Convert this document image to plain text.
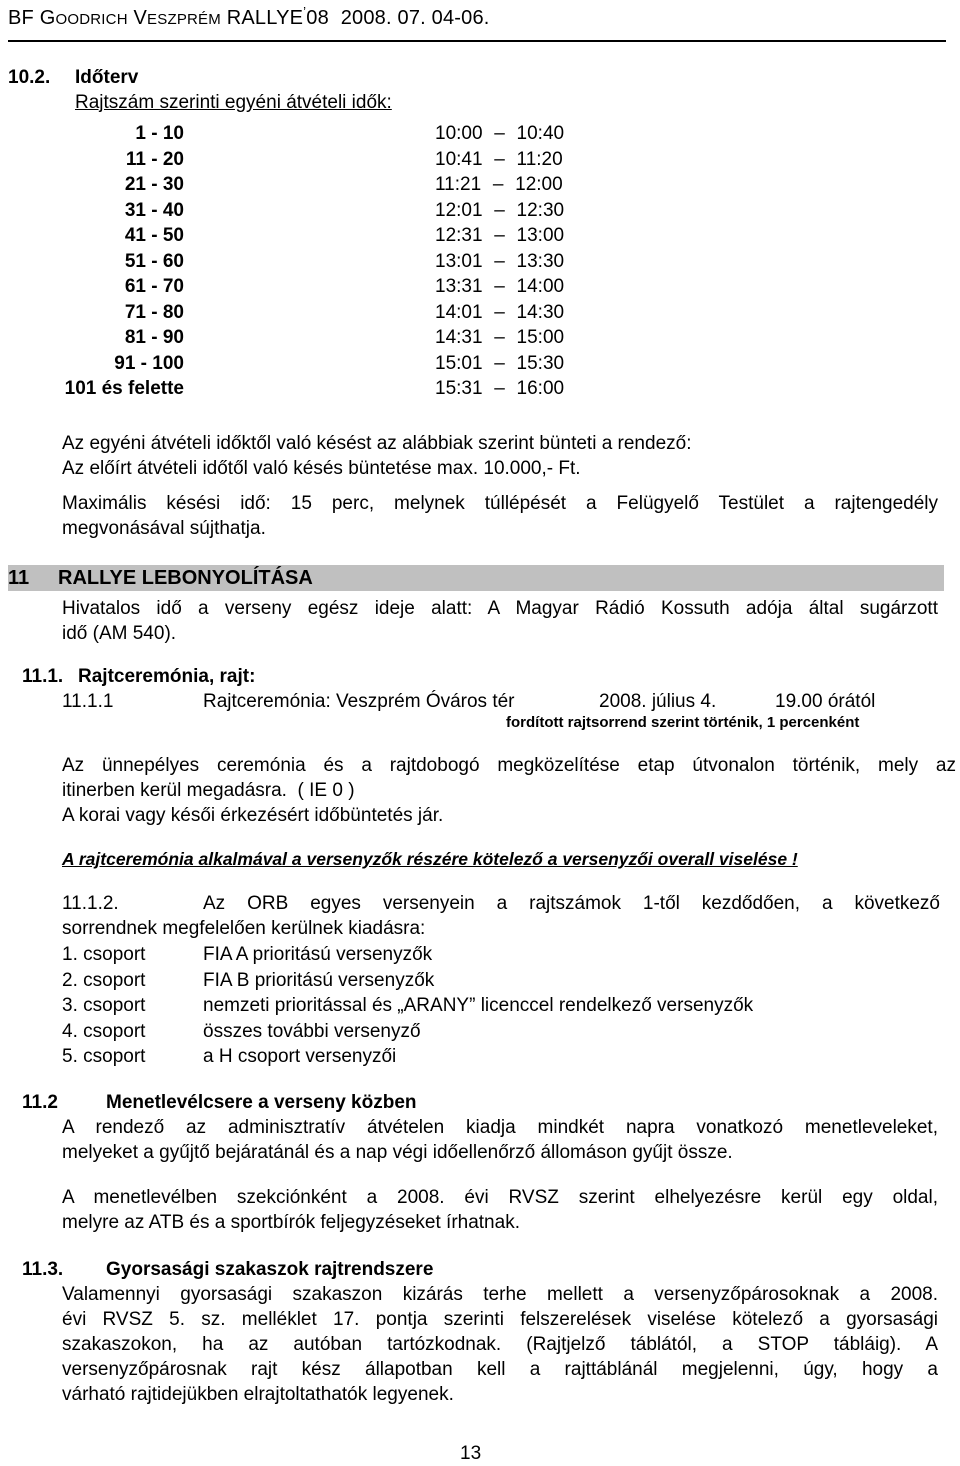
BF GOODRICH VESZPRÉM RALLYE’08 2008. 07. 04-06.
10.2. Időterv
Rajtszám szerinti egyéni átvételi idők:
1 - 10	10:00 – 10:40
11 - 20	10:41 – 11:20
21 - 30	11:21 – 12:00
31 - 40	12:01 – 12:30
41 - 50	12:31 – 13:00
51 - 60	13:01 – 13:30
61 - 70	13:31 – 14:00
71 - 80	14:01 – 14:30
81 - 90	14:31 – 15:00
91 - 100	15:01 – 15:30
101 és felette	15:31 – 16:00
Az egyéni átvételi időktől való késést az alábbiak szerint bünteti a rendező:
Az előírt átvételi időtől való késés büntetése max. 10.000,- Ft.
Maximális késési idő: 15 perc, melynek túllépését a Felügyelő Testület a rajtengedély
megvonásával sújthatja.
11 RALLYE LEBONYOLÍTÁSA
Hivatalos idő a verseny egész ideje alatt: A Magyar Rádió Kossuth adója által sugárzott
idő (AM 540).
11.1. Rajtceremónia, rajt:
11.1.1	Rajtceremónia: Veszprém Óváros tér	2008. július 4.	19.00 órától
fordított rajtsorrend szerint történik, 1 percenként
Az ünnepélyes ceremónia és a rajtdobogó megközelítése etap útvonalon történik, mely az
itinerben kerül megadásra.  ( IE 0 )
A korai vagy késői érkezésért időbüntetés jár.
A rajtceremónia alkalmával a versenyzők részére kötelező a versenyzői overall viselése !
11.1.2.	Az ORB egyes versenyein a rajtszámok 1-től kezdődően, a következő
sorrendnek megfelelően kerülnek kiadásra:
1. csoport	FIA A prioritású versenyzők
2. csoport	FIA B prioritású versenyzők
3. csoport	nemzeti prioritással és „ARANY” licenccel rendelkező versenyzők
4. csoport	összes további versenyző
5. csoport	a H csoport versenyzői
11.2	Menetlevélcsere a verseny közben
A rendező az adminisztratív átvételen kiadja mindkét napra vonatkozó menetleveleket,
melyeket a gyűjtő bejáratánál és a nap végi időellenőrző állomáson gyűjt össze.
A menetlevélben szekciónként a 2008. évi RVSZ szerint elhelyezésre kerül egy oldal,
melyre az ATB és a sportbírók feljegyzéseket írhatnak.
11.3. Gyorsasági szakaszok rajtrendszere
Valamennyi gyorsasági szakaszon kizárás terhe mellett a versenyzőpárosoknak a 2008.
évi RVSZ 5. sz. melléklet 17. pontja szerinti felszerelések viselése kötelező a gyorsasági
szakaszokon, ha az autóban tartózkodnak. (Rajtjelző táblától, a STOP tábláig). A
versenyzőpárosnak rajt kész állapotban kell a rajttáblánál megjelenni, úgy, hogy a
várható rajtidejükben elrajtoltathatók legyenek.
13
